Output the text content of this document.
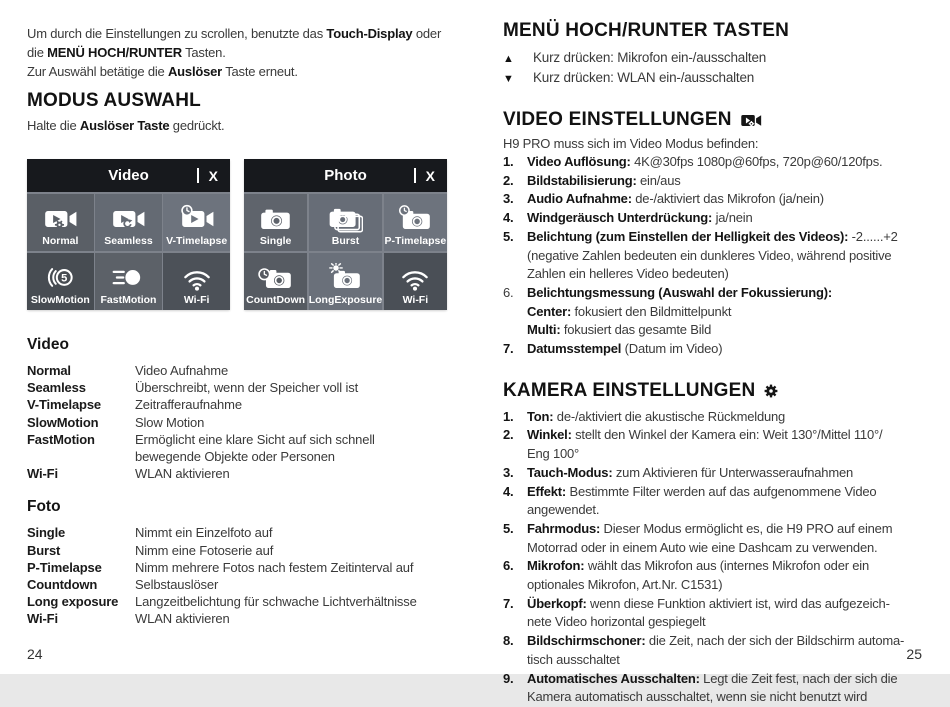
Um durch die Einstellungen zu scrollen, benutzte das Touch-Display oder
die MENÜ HOCH/RUNTER Tasten.
Zur Auswähl betätige die Auslöser Taste erneut.

MODUS AUSWAHL

Halte die Auslöser Taste gedrückt.

Video	X
Normal Seamless V-Timelapse
SlowMotion FastMotion	Wi-Fi
Photo	X
Single	Burst P-Timelapse
CountDown LongExposure Wi-Fi
Video
Normal	Video Aufnahme
Seamless	Überschreibt, wenn der Speicher voll ist
V-Timelapse	Zeitrafferaufnahme
SlowMotion	Slow Motion
FastMotion	Ermöglicht eine klare Sicht auf sich schnell
bewegende Objekte oder Personen
Wi-Fi	WLAN aktivieren
Foto
Single	Nimmt ein Einzelfoto auf
Burst	Nimm eine Fotoserie auf
P-Timelapse	Nimm mehrere Fotos nach festem Zeitinterval auf
Countdown	Selbstauslöser
Long exposure	Langzeitbelichtung für schwache Lichtverhältnisse
Wi-Fi	WLAN aktivieren
MENÜ HOCH/RUNTER TASTEN
▲	Kurz drücken: Mikrofon ein-/ausschalten
▼	Kurz drücken: WLAN ein-/ausschalten
VIDEO EINSTELLUNGEN

H9 PRO muss sich im Video Modus befinden:

1.	Video Auflösung: 4K@30fps 1080p@60fps, 720p@60/120fps.
2.	Bildstabilisierung: ein/aus
3.	Audio Aufnahme: de-/aktiviert das Mikrofon (ja/nein)
4.	Windgeräusch Unterdrückung: ja/nein
5.	Belichtung (zum Einstellen der Helligkeit des Videos): -2......+2
(negative Zahlen bedeuten ein dunkleres Video, während positive
Zahlen ein helleres Video bedeuten)
6.	Belichtungsmessung (Auswahl der Fokussierung):
Center: fokusiert den Bildmittelpunkt
Multi: fokusiert das gesamte Bild
7.	Datumsstempel (Datum im Video)
KAMERA EINSTELLUNGEN
1.	Ton: de-/aktiviert die akustische Rückmeldung
2.	Winkel: stellt den Winkel der Kamera ein: Weit 130°/Mittel 110°/
Eng 100°
3.	Tauch-Modus: zum Aktivieren für Unterwasseraufnahmen
4.	Effekt: Bestimmte Filter werden auf das aufgenommene Video
angewendet.
5.	Fahrmodus: Dieser Modus ermöglicht es, die H9 PRO auf einem
Motorrad oder in einem Auto wie eine Dashcam zu verwenden.
6.	Mikrofon: wählt das Mikrofon aus (internes Mikrofon oder ein
optionales Mikrofon, Art.Nr. C1531)
7.	Überkopf: wenn diese Funktion aktiviert ist, wird das aufgezeich-
nete Video horizontal gespiegelt
8.	Bildschirmschoner: die Zeit, nach der sich der Bildschirm automa-
tisch ausschaltet
9.	Automatisches Ausschalten: Legt die Zeit fest, nach der sich die
Kamera automatisch ausschaltet, wenn sie nicht benutzt wird
24	25
